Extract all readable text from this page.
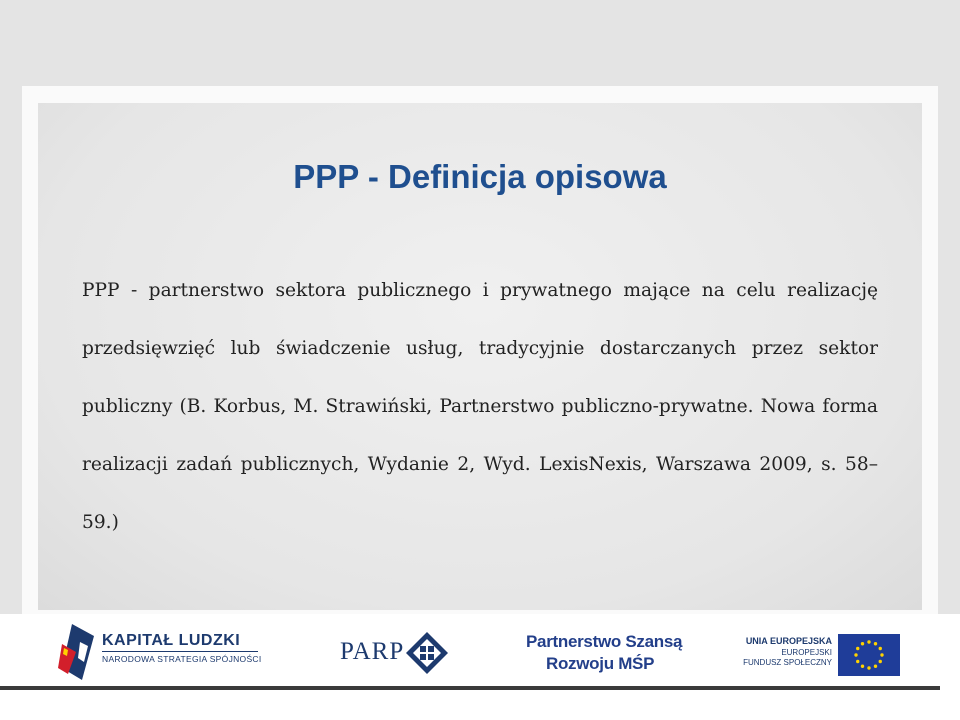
PPP - Definicja opisowa

PPP - partnerstwo sektora publicznego i prywatnego mające na celu realizację przedsięwzięć lub świadczenie usług, tradycyjnie dostarczanych przez sektor publiczny (B. Korbus, M. Strawiński, Partnerstwo publiczno-prywatne. Nowa forma realizacji zadań publicznych, Wydanie 2, Wyd. LexisNexis, Warszawa 2009, s. 58–59.)

KAPITAŁ LUDZKI
NARODOWA STRATEGIA SPÓJNOŚCI	PARP	Partnerstwo Szansą
Rozwoju MŚP
UNIA EUROPEJSKA
EUROPEJSKI
FUNDUSZ SPOŁECZNY
